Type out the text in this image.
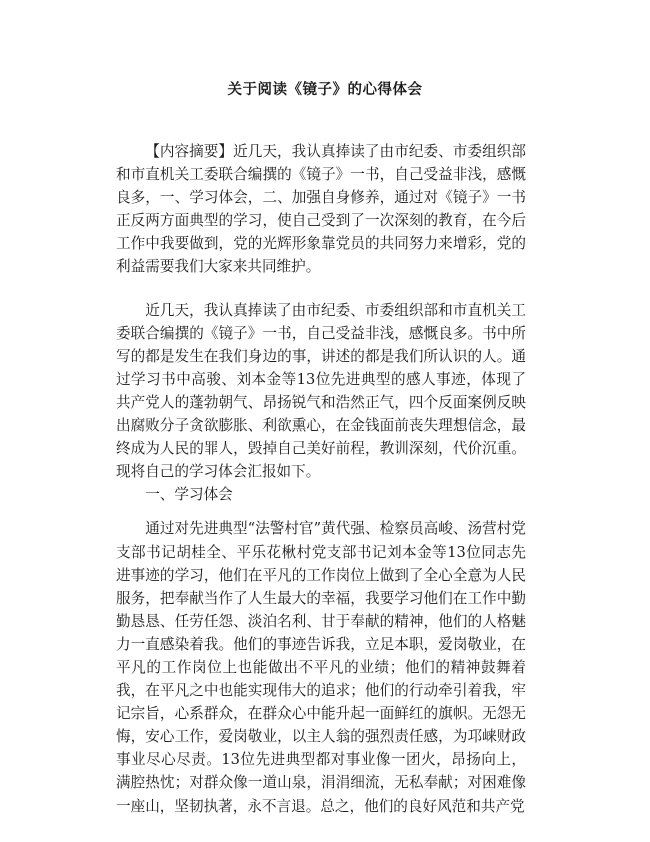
关于阅读《镜子》的心得体会

【内容摘要】近几天，我认真捧读了由市纪委、市委组织部和市直机关工委联合编撰的《镜子》一书，自己受益非浅，感慨良多，一、学习体会，二、加强自身修养，通过对《镜子》一书正反两方面典型的学习，使自己受到了一次深刻的教育，在今后工作中我要做到，党的光辉形象靠党员的共同努力来增彩，党的利益需要我们大家来共同维护。

近几天，我认真捧读了由市纪委、市委组织部和市直机关工委联合编撰的《镜子》一书，自己受益非浅，感慨良多。书中所写的都是发生在我们身边的事，讲述的都是我们所认识的人。通过学习书中高骏、刘本金等13位先进典型的感人事迹，体现了共产党人的蓬勃朝气、昂扬锐气和浩然正气，四个反面案例反映出腐败分子贪欲膨胀、利欲熏心，在金钱面前丧失理想信念，最终成为人民的罪人，毁掉自己美好前程，教训深刻，代价沉重。现将自己的学习体会汇报如下。

一、学习体会

通过对先进典型“法警村官”黄代强、检察员高峻、汤营村党支部书记胡桂全、平乐花楸村党支部书记刘本金等13位同志先进事迹的学习，他们在平凡的工作岗位上做到了全心全意为人民服务，把奉献当作了人生最大的幸福，我要学习他们在工作中勤勤恳恳、任劳任怨、淡泊名利、甘于奉献的精神，他们的人格魅力一直感染着我。他们的事迹告诉我，立足本职，爱岗敬业，在平凡的工作岗位上也能做出不平凡的业绩；他们的精神鼓舞着我，在平凡之中也能实现伟大的追求；他们的行动牵引着我，牢记宗旨，心系群众，在群众心中能升起一面鲜红的旗帜。无怨无悔，安心工作，爱岗敬业，以主人翁的强烈责任感，为邛崃财政事业尽心尽责。13位先进典型都对事业像一团火，昂扬向上，满腔热忱；对群众像一道山泉，涓涓细流，无私奉献；对困难像一座山，坚韧执著，永不言退。总之，他们的良好风范和共产党
